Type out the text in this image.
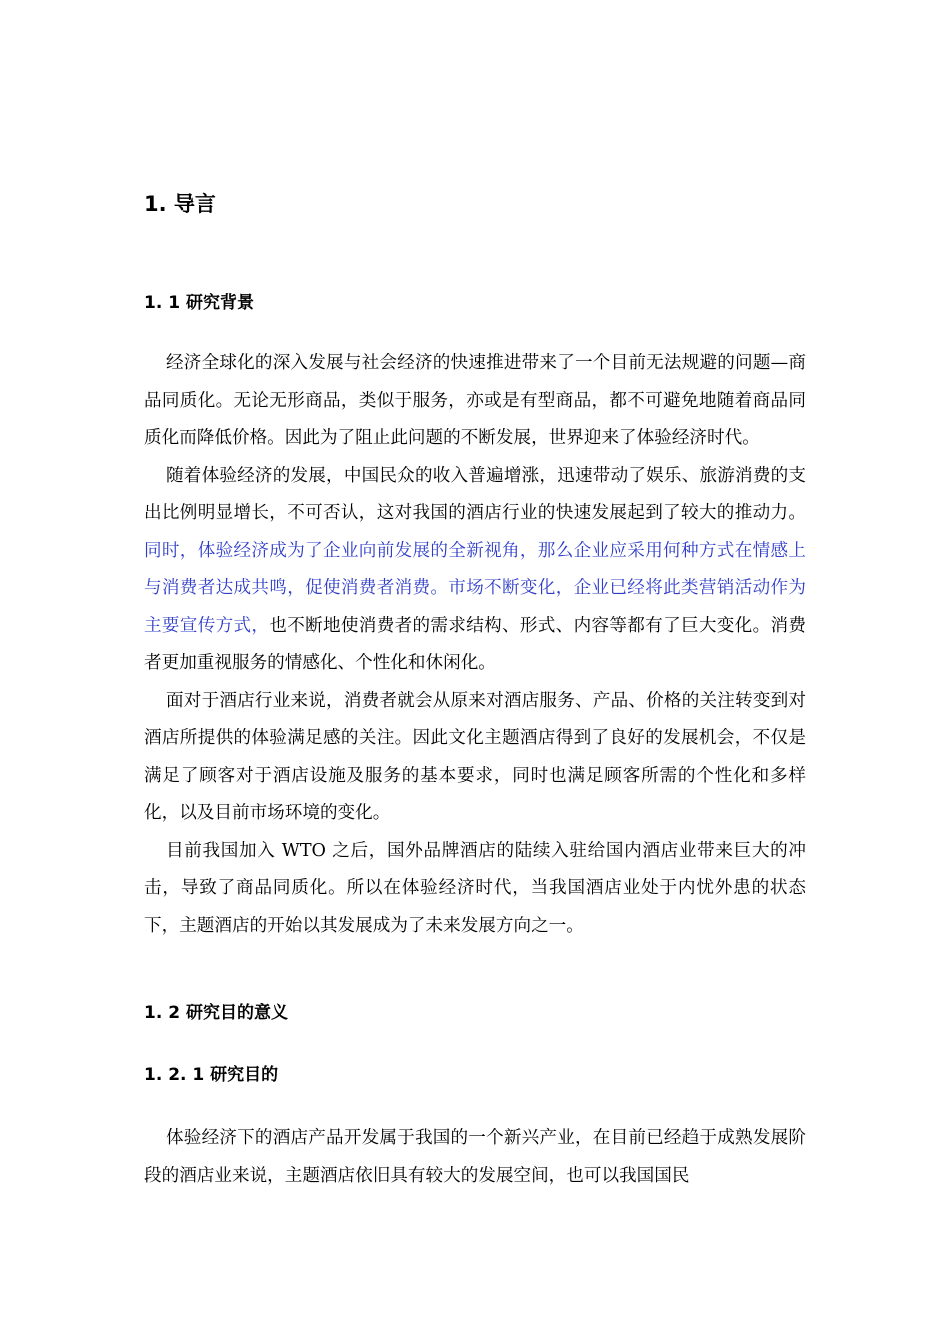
1. 导言
1. 1 研究背景

经济全球化的深入发展与社会经济的快速推进带来了一个目前无法规避的问题—商品同质化。无论无形商品，类似于服务，亦或是有型商品，都不可避免地随着商品同质化而降低价格。因此为了阻止此问题的不断发展，世界迎来了体验经济时代。

随着体验经济的发展，中国民众的收入普遍增涨，迅速带动了娱乐、旅游消费的支出比例明显增长，不可否认，这对我国的酒店行业的快速发展起到了较大的推动力。同时，体验经济成为了企业向前发展的全新视角，那么企业应采用何种方式在情感上与消费者达成共鸣，促使消费者消费。市场不断变化，企业已经将此类营销活动作为主要宣传方式，也不断地使消费者的需求结构、形式、内容等都有了巨大变化。消费者更加重视服务的情感化、个性化和休闲化。

面对于酒店行业来说，消费者就会从原来对酒店服务、产品、价格的关注转变到对酒店所提供的体验满足感的关注。因此文化主题酒店得到了良好的发展机会，不仅是满足了顾客对于酒店设施及服务的基本要求，同时也满足顾客所需的个性化和多样化，以及目前市场环境的变化。

目前我国加入 WTO 之后，国外品牌酒店的陆续入驻给国内酒店业带来巨大的冲击，导致了商品同质化。所以在体验经济时代，当我国酒店业处于内忧外患的状态下，主题酒店的开始以其发展成为了未来发展方向之一。

1. 2 研究目的意义
1. 2. 1 研究目的

体验经济下的酒店产品开发属于我国的一个新兴产业，在目前已经趋于成熟发展阶段的酒店业来说，主题酒店依旧具有较大的发展空间，也可以我国国民
